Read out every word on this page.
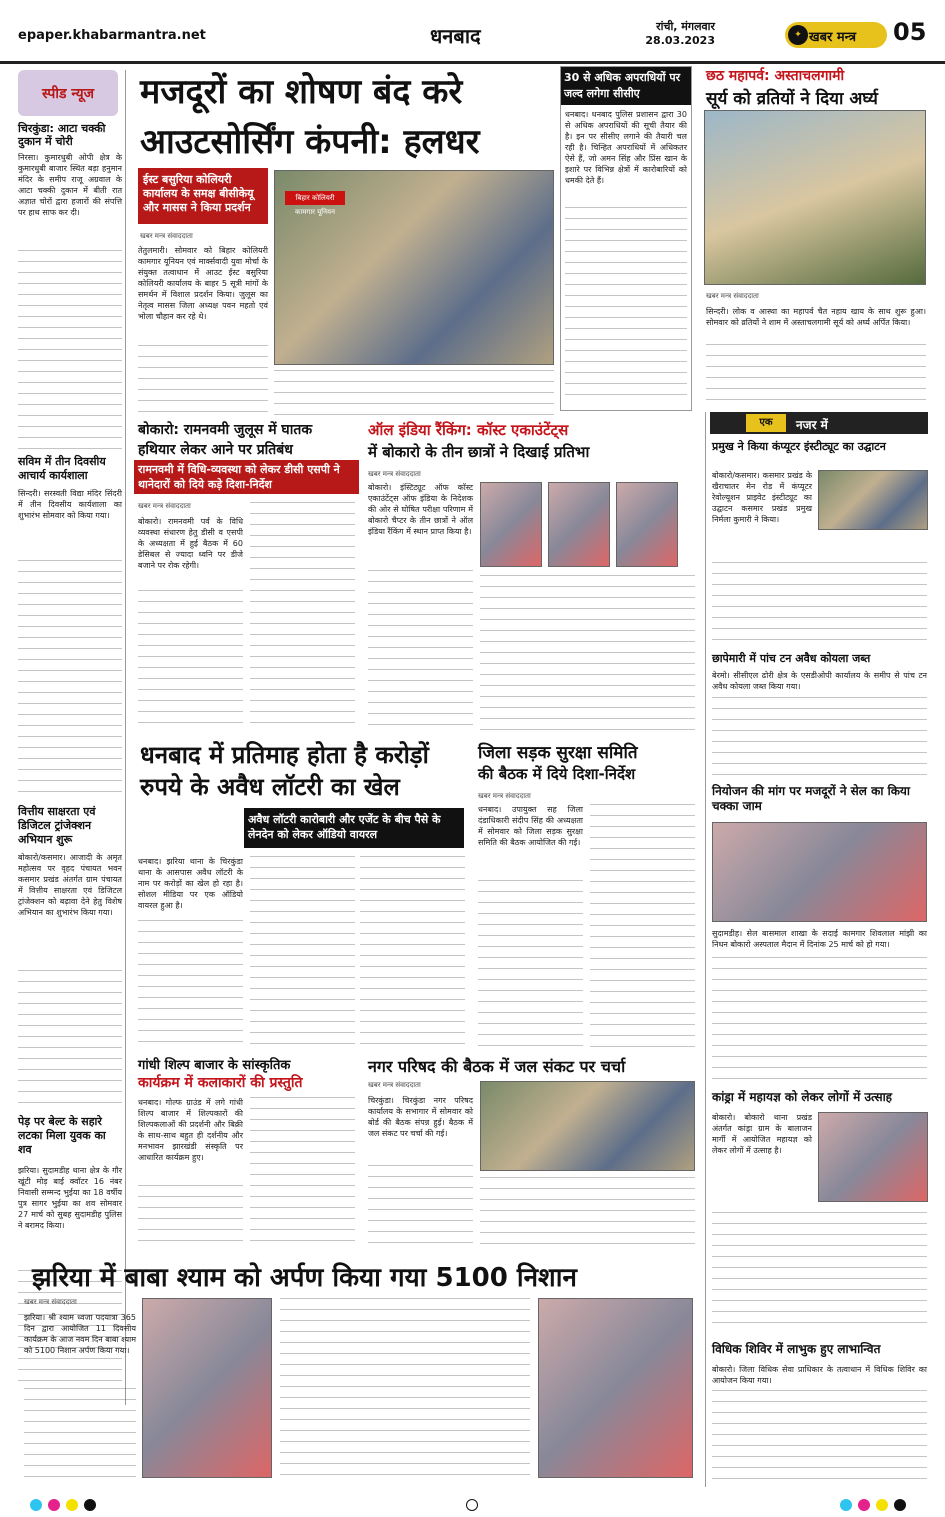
epaper.khabarmantra.net	धनबाद	रांची, मंगलवार
28.03.2023	खबर मन्त्र
✦	05
स्पीड न्यूज
चिरकुंडा: आटा चक्की दुकान में चोरी
निरसा। कुमारधुबी ओपी क्षेत्र के कुमारधुबी बाजार स्थित बड़ा हनुमान मंदिर के समीप राजू अग्रवाल के आटा चक्की दुकान में बीती रात अज्ञात चोरों द्वारा हजारों की संपत्ति पर हाथ साफ कर दी।
सविम में तीन दिवसीय आचार्य कार्यशाला
सिन्दरी। सरस्वती विद्या मंदिर सिंदरी में तीन दिवसीय कार्यशाला का शुभारंभ सोमवार को किया गया।
वित्तीय साक्षरता एवं डिजिटल ट्रांजेक्शन अभियान शुरू
बोकारो/कसमार। आजादी के अमृत महोत्सव पर वृहद पंचायत भवन कसमार प्रखंड अंतर्गत ग्राम पंचायत में वित्तीय साक्षरता एवं डिजिटल ट्रांजेक्शन को बढ़ावा देने हेतु विशेष अभियान का शुभारंभ किया गया।
पेड़ पर बेल्ट के सहारे लटका मिला युवक का शव
झरिया। सुदामडीह थाना क्षेत्र के गौर खूंटी मोड़ बाई क्वॉटर 16 नंबर निवासी सम्मन्द भुईया का 18 वर्षीय पुत्र सागर भुईया का शव सोमवार 27 मार्च को सुबह सुदामडीह पुलिस ने बरामद किया।
मजदूरों का शोषण बंद करे
आउटसोर्सिंग कंपनी: हलधर
ईस्ट बसुरिया कोलियरी कार्यालय के समक्ष बीसीकेयू और मासस ने किया प्रदर्शन
खबर मन्त्र संवाददाता
तेतुलमारी। सोमवार को बिहार कोलियरी कामगार यूनियन एवं मार्क्सवादी युवा मोर्चा के संयुक्त तत्वाधान में आउट ईस्ट बसुरिया कोलियरी कार्यालय के बाहर 5 सूत्री मांगों के समर्थन में विशाल प्रदर्शन किया। जुलूस का नेतृत्व मासस जिला अध्यक्ष पवन महतो एवं भोला चौहान कर रहे थे।
बिहार कोलियरी कामगार यूनियन
30 से अधिक अपराधियों पर जल्द लगेगा सीसीए
धनबाद। धनबाद पुलिस प्रशासन द्वारा 30 से अधिक अपराधियों की सूची तैयार की है। इन पर सीसीए लगाने की तैयारी चल रही है। चिन्हित अपराधियों में अधिकतर ऐसे हैं, जो अमन सिंह और प्रिंस खान के इशारे पर विभिन्न क्षेत्रों में कारोबारियों को धमकी देते हैं।
छठ महापर्व: अस्ताचलगामी
सूर्य को व्रतियों ने दिया अर्घ्य
खबर मन्त्र संवाददाता
सिन्दरी। लोक व आस्था का महापर्व चैत नहाय खाय के साथ शुरू हुआ। सोमवार को व्रतियों ने शाम में अस्ताचलगामी सूर्य को अर्घ्य अर्पित किया।
बोकारो: रामनवमी जुलूस में घातक
हथियार लेकर आने पर प्रतिबंध
रामनवमी में विधि-व्यवस्था को लेकर डीसी एसपी ने थानेदारों को दिये कड़े दिशा-निर्देश
खबर मन्त्र संवाददाता
बोकारो। रामनवमी पर्व के विधि व्यवस्था संधारण हेतु डीसी व एसपी के अध्यक्षता में हुई बैठक में 60 डेसिबल से ज्यादा ध्वनि पर डीजे बजाने पर रोक रहेगी।
ऑल इंडिया रैंकिंग: कॉस्ट एकाउंटेंट्स
में बोकारो के तीन छात्रों ने दिखाई प्रतिभा
खबर मन्त्र संवाददाता
बोकारो। इंस्टिट्यूट ऑफ कॉस्ट एकाउंटेंट्स ऑफ इंडिया के निदेशक की ओर से घोषित परीक्षा परिणाम में बोकारो चैप्टर के तीन छात्रों ने ऑल इंडिया रैंकिंग में स्थान प्राप्त किया है।
धनबाद में प्रतिमाह होता है करोड़ों
रुपये के अवैध लॉटरी का खेल
अवैध लॉटरी कारोबारी और एजेंट के बीच पैसे के लेनदेन को लेकर ऑडियो वायरल
धनबाद। झरिया थाना के चिरकुंडा थाना के आसपास अवैध लॉटरी के नाम पर करोड़ों का खेल हो रहा है। सोशल मीडिया पर एक ऑडियो वायरल हुआ है।
जिला सड़क सुरक्षा समिति
की बैठक में दिये दिशा-निर्देश
खबर मन्त्र संवाददाता
धनबाद। उपायुक्त सह जिला दंडाधिकारी संदीप सिंह की अध्यक्षता में सोमवार को जिला सड़क सुरक्षा समिति की बैठक आयोजित की गई।
गांधी शिल्प बाजार के सांस्कृतिक
कार्यक्रम में कलाकारों की प्रस्तुति
धनबाद। गोल्फ ग्राउंड में लगे गांधी शिल्प बाजार में शिल्पकारों की शिल्पकलाओं की प्रदर्शनी और बिक्री के साथ-साथ बहुत ही दर्शनीय और मनभावन झारखंडी संस्कृति पर आधारित कार्यक्रम हुए।
नगर परिषद की बैठक में जल संकट पर चर्चा
खबर मन्त्र संवाददाता
चिरकुंडा। चिरकुंडा नगर परिषद कार्यालय के सभागार में सोमवार को बोर्ड की बैठक संपन्न हुई। बैठक में जल संकट पर चर्चा की गई।
झरिया में बाबा श्याम को अर्पण किया गया 5100 निशान
खबर मन्त्र संवाददाता
झरिया। श्री श्याम ध्वजा पदयात्रा 365 दिन द्वारा आयोजित 11 दिवसीय कार्यक्रम के आज नवम दिन बाबा श्याम को 5100 निशान अर्पण किया गया।
एक	नजर में
प्रमुख ने किया कंप्यूटर इंस्टीट्यूट का उद्घाटन
बोकारो/कसमार। कसमार प्रखंड के खैराचातर मेन रोड में कंप्यूटर रेवोल्यूशन प्राइवेट इंस्टीट्यूट का उद्घाटन कसमार प्रखंड प्रमुख निर्मला कुमारी ने किया।
छापेमारी में पांच टन अवैध कोयला जब्त
बेरमो। सीसीएल ढोरी क्षेत्र के एसडीओपी कार्यालय के समीप से पांच टन अवैध कोयला जब्त किया गया।
नियोजन की मांग पर मजदूरों ने सेल का किया चक्का जाम
सुदामडीह। सेल बासमाल शाखा के सदाई कामगार शिवलाल मांझी का निधन बोकारो अस्पताल मैदान में दिनांक 25 मार्च को हो गया।
कांड्रा में महायज्ञ को लेकर लोगों में उत्साह
बोकारो। बोकारो थाना प्रखंड अंतर्गत कांड्रा ग्राम के बालाजन मार्गी में आयोजित महायज्ञ को लेकर लोगों में उत्साह है।
विधिक शिविर में लाभुक हुए लाभान्वित
बोकारो। जिला विधिक सेवा प्राधिकार के तत्वाधान में विधिक शिविर का आयोजन किया गया।
